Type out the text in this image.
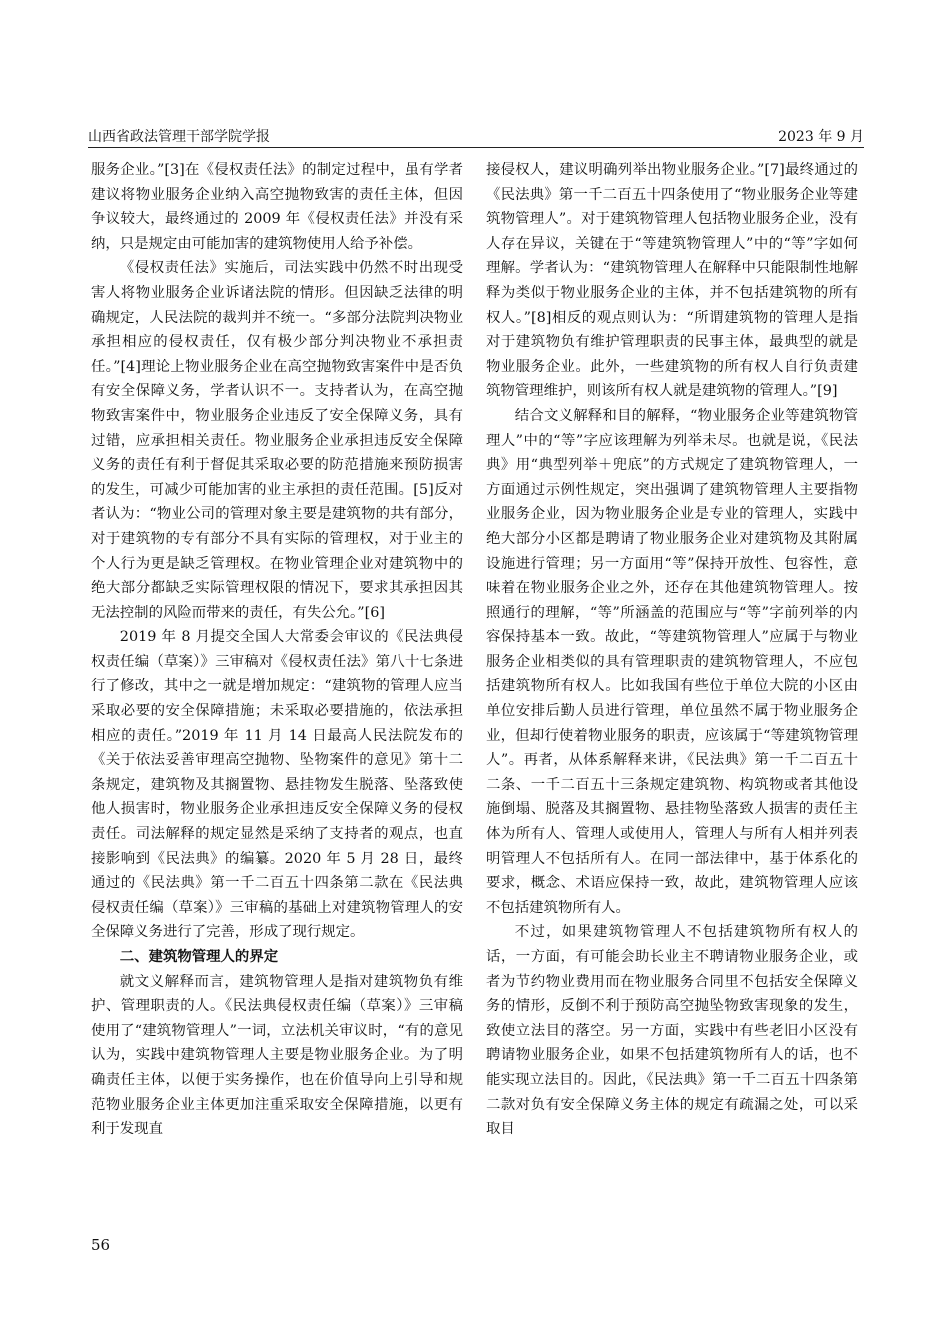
山西省政法管理干部学院学报	2023 年 9 月

服务企业。”[3]在《侵权责任法》的制定过程中，虽有学者建议将物业服务企业纳入高空抛物致害的责任主体，但因争议较大，最终通过的 2009 年《侵权责任法》并没有采纳，只是规定由可能加害的建筑物使用人给予补偿。

《侵权责任法》实施后，司法实践中仍然不时出现受害人将物业服务企业诉诸法院的情形。但因缺乏法律的明确规定，人民法院的裁判并不统一。“多部分法院判决物业承担相应的侵权责任，仅有极少部分判决物业不承担责任。”[4]理论上物业服务企业在高空抛物致害案件中是否负有安全保障义务，学者认识不一。支持者认为，在高空抛物致害案件中，物业服务企业违反了安全保障义务，具有过错，应承担相关责任。物业服务企业承担违反安全保障义务的责任有利于督促其采取必要的防范措施来预防损害的发生，可减少可能加害的业主承担的责任范围。[5]反对者认为：“物业公司的管理对象主要是建筑物的共有部分，对于建筑物的专有部分不具有实际的管理权，对于业主的个人行为更是缺乏管理权。在物业管理企业对建筑物中的绝大部分都缺乏实际管理权限的情况下，要求其承担因其无法控制的风险而带来的责任，有失公允。”[6]

2019 年 8 月提交全国人大常委会审议的《民法典侵权责任编（草案）》三审稿对《侵权责任法》第八十七条进行了修改，其中之一就是增加规定：“建筑物的管理人应当采取必要的安全保障措施；未采取必要措施的，依法承担相应的责任。”2019 年 11 月 14 日最高人民法院发布的《关于依法妥善审理高空抛物、坠物案件的意见》第十二条规定，建筑物及其搁置物、悬挂物发生脱落、坠落致使他人损害时，物业服务企业承担违反安全保障义务的侵权责任。司法解释的规定显然是采纳了支持者的观点，也直接影响到《民法典》的编纂。2020 年 5 月 28 日，最终通过的《民法典》第一千二百五十四条第二款在《民法典侵权责任编（草案）》三审稿的基础上对建筑物管理人的安全保障义务进行了完善，形成了现行规定。

二、建筑物管理人的界定

就文义解释而言，建筑物管理人是指对建筑物负有维护、管理职责的人。《民法典侵权责任编（草案）》三审稿使用了“建筑物管理人”一词，立法机关审议时，“有的意见认为，实践中建筑物管理人主要是物业服务企业。为了明确责任主体，以便于实务操作，也在价值导向上引导和规范物业服务企业主体更加注重采取安全保障措施，以更有利于发现直

接侵权人，建议明确列举出物业服务企业。”[7]最终通过的《民法典》第一千二百五十四条使用了“物业服务企业等建筑物管理人”。对于建筑物管理人包括物业服务企业，没有人存在异议，关键在于“等建筑物管理人”中的“等”字如何理解。学者认为：“建筑物管理人在解释中只能限制性地解释为类似于物业服务企业的主体，并不包括建筑物的所有权人。”[8]相反的观点则认为：“所谓建筑物的管理人是指对于建筑物负有维护管理职责的民事主体，最典型的就是物业服务企业。此外，一些建筑物的所有权人自行负责建筑物管理维护，则该所有权人就是建筑物的管理人。”[9]

结合文义解释和目的解释，“物业服务企业等建筑物管理人”中的“等”字应该理解为列举未尽。也就是说，《民法典》用“典型列举＋兜底”的方式规定了建筑物管理人，一方面通过示例性规定，突出强调了建筑物管理人主要指物业服务企业，因为物业服务企业是专业的管理人，实践中绝大部分小区都是聘请了物业服务企业对建筑物及其附属设施进行管理；另一方面用“等”保持开放性、包容性，意味着在物业服务企业之外，还存在其他建筑物管理人。按照通行的理解，“等”所涵盖的范围应与“等”字前列举的内容保持基本一致。故此，“等建筑物管理人”应属于与物业服务企业相类似的具有管理职责的建筑物管理人，不应包括建筑物所有权人。比如我国有些位于单位大院的小区由单位安排后勤人员进行管理，单位虽然不属于物业服务企业，但却行使着物业服务的职责，应该属于“等建筑物管理人”。再者，从体系解释来讲，《民法典》第一千二百五十二条、一千二百五十三条规定建筑物、构筑物或者其他设施倒塌、脱落及其搁置物、悬挂物坠落致人损害的责任主体为所有人、管理人或使用人，管理人与所有人相并列表明管理人不包括所有人。在同一部法律中，基于体系化的要求，概念、术语应保持一致，故此，建筑物管理人应该不包括建筑物所有人。

不过，如果建筑物管理人不包括建筑物所有权人的话，一方面，有可能会助长业主不聘请物业服务企业，或者为节约物业费用而在物业服务合同里不包括安全保障义务的情形，反倒不利于预防高空抛坠物致害现象的发生，致使立法目的落空。另一方面，实践中有些老旧小区没有聘请物业服务企业，如果不包括建筑物所有人的话，也不能实现立法目的。因此，《民法典》第一千二百五十四条第二款对负有安全保障义务主体的规定有疏漏之处，可以采取目

56
